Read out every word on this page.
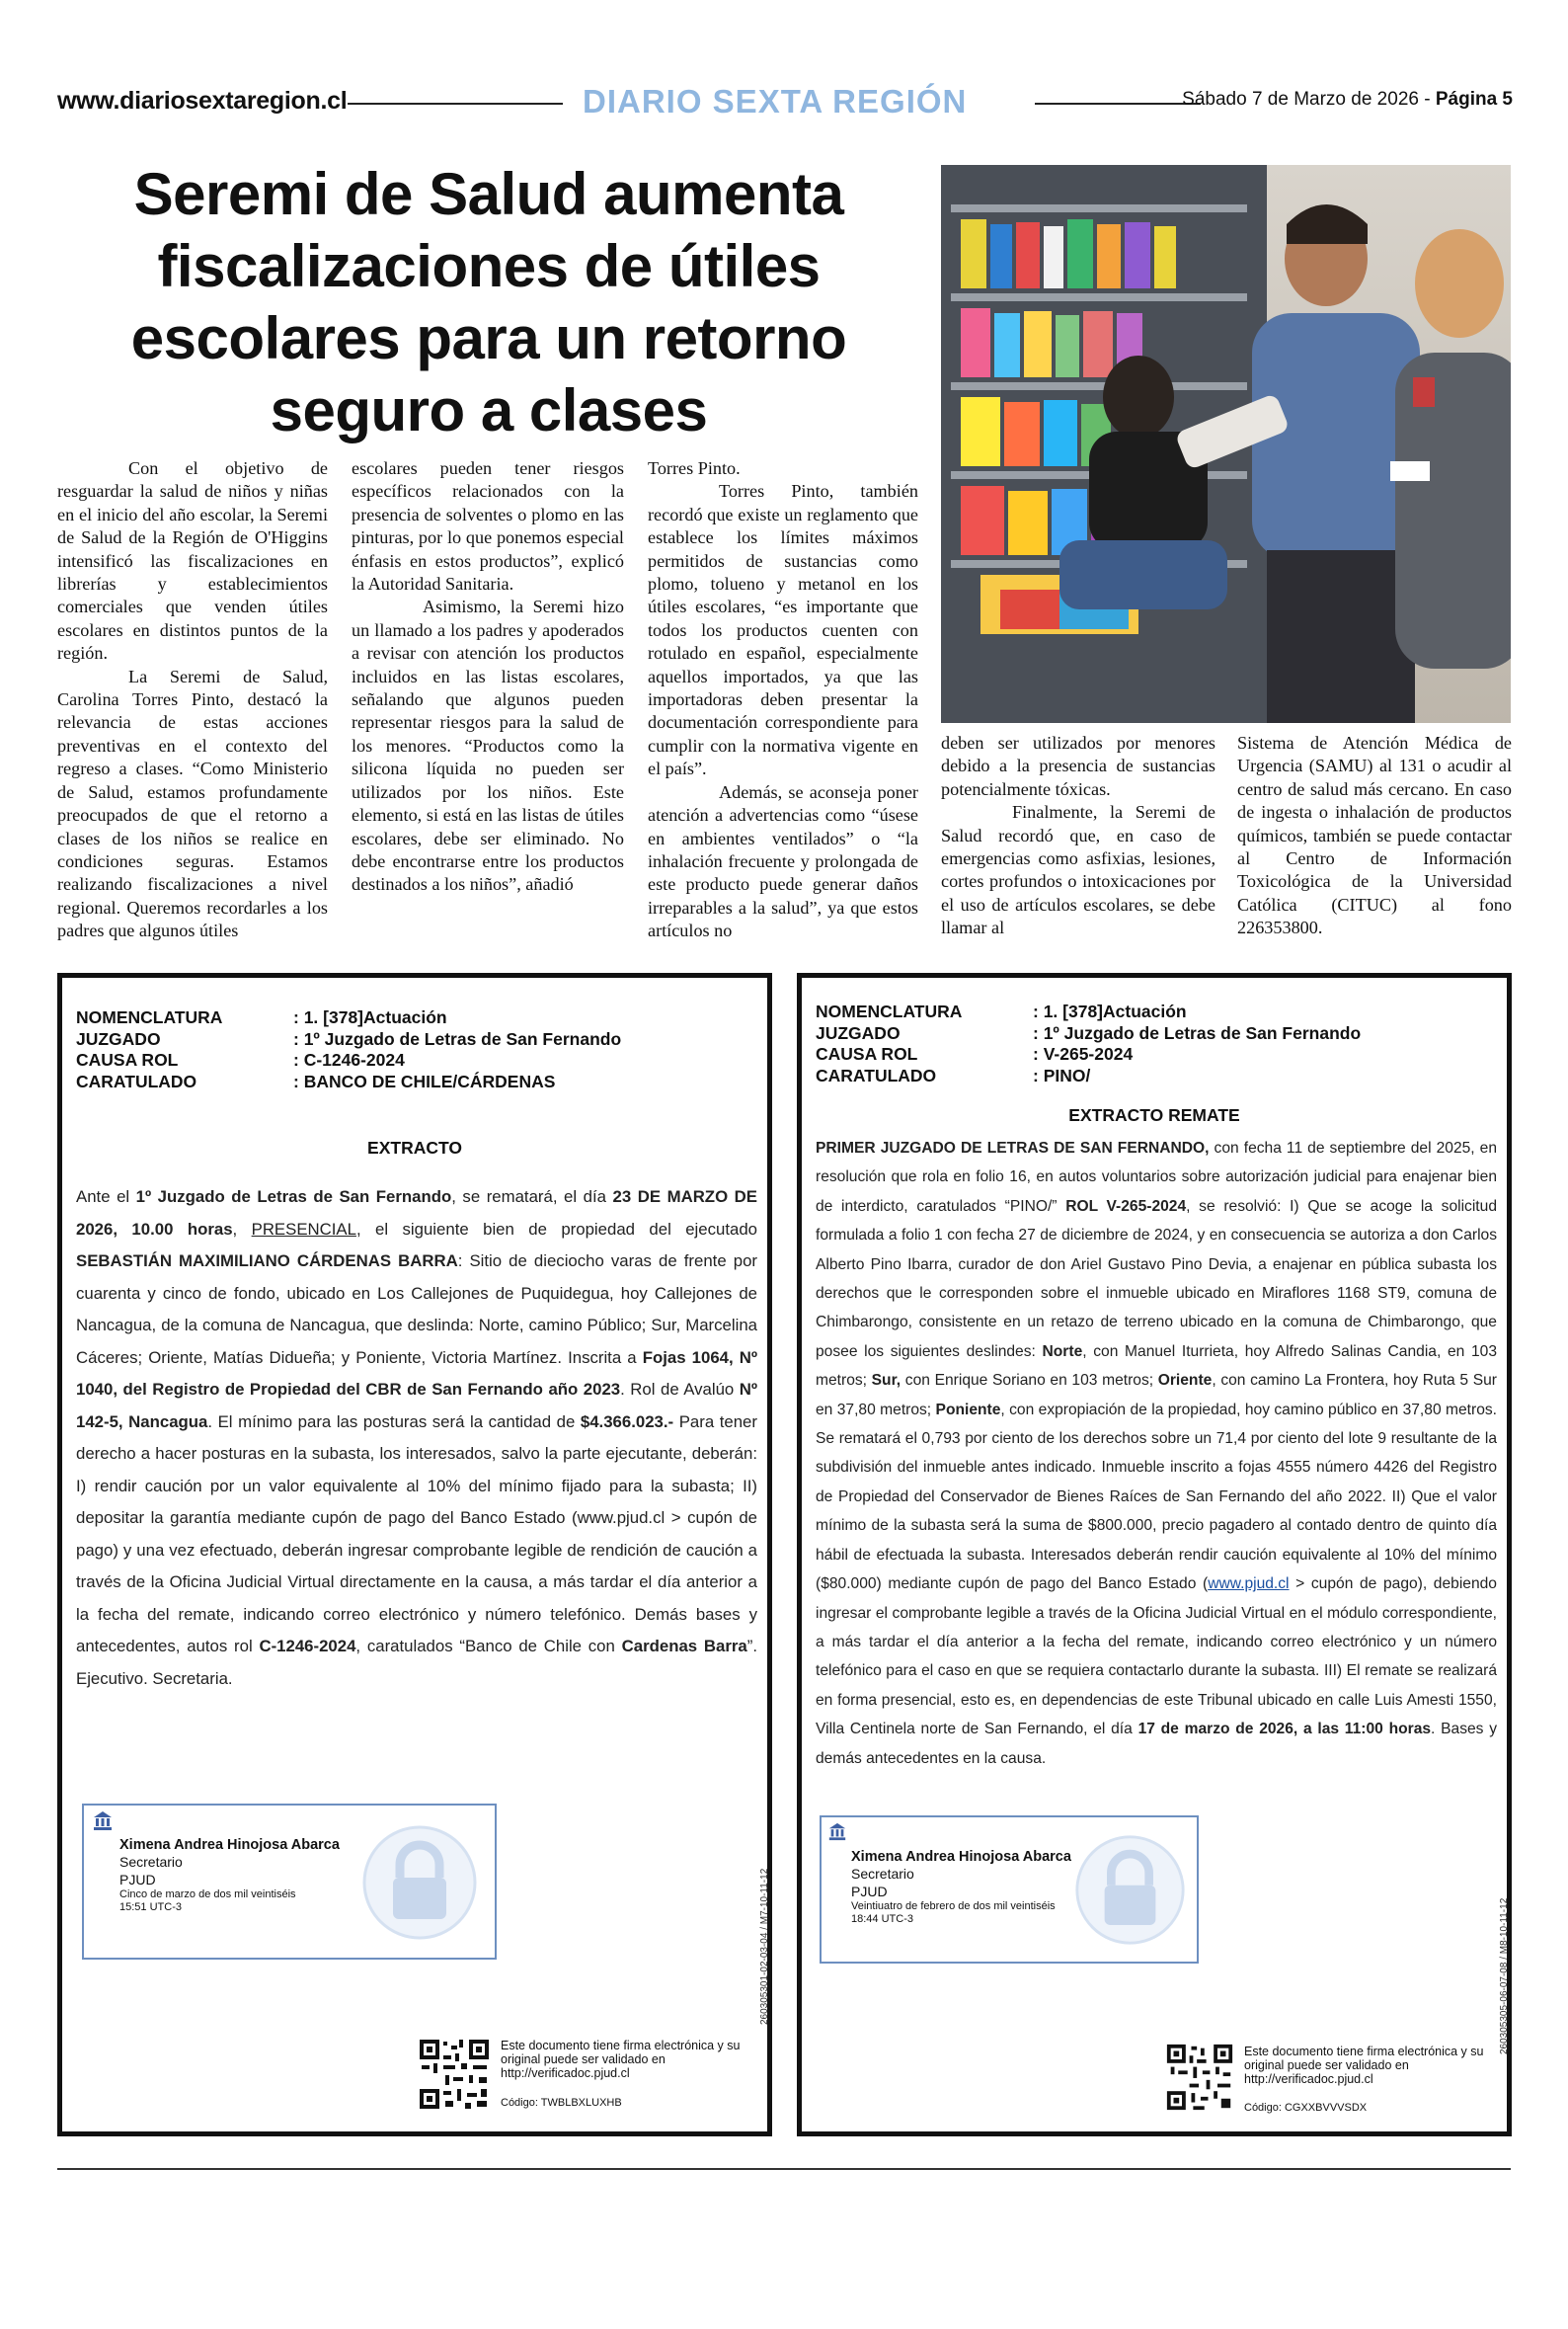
www.diariosextaregion.cl	DIARIO SEXTA REGIÓN	Sábado 7 de Marzo de 2026 - Página 5
Seremi de Salud aumenta fiscalizaciones de útiles escolares para un retorno seguro a clases

Con el objetivo de resguardar la salud de niños y niñas en el inicio del año escolar, la Seremi de Salud de la Región de O'Higgins intensificó las fiscalizaciones en librerías y establecimientos comerciales que venden útiles escolares en distintos puntos de la región.

La Seremi de Salud, Carolina Torres Pinto, destacó la relevancia de estas acciones preventivas en el contexto del regreso a clases. “Como Ministerio de Salud, estamos profundamente preocupados de que el retorno a clases de los niños se realice en condiciones seguras. Estamos realizando fiscalizaciones a nivel regional. Queremos recordarles a los padres que algunos útiles

escolares pueden tener riesgos específicos relacionados con la presencia de solventes o plomo en las pinturas, por lo que ponemos especial énfasis en estos productos”, explicó la Autoridad Sanitaria.

Asimismo, la Seremi hizo un llamado a los padres y apoderados a revisar con atención los productos incluidos en las listas escolares, señalando que algunos pueden representar riesgos para la salud de los menores. “Productos como la silicona líquida no pueden ser utilizados por los niños. Este elemento, si está en las listas de útiles escolares, debe ser eliminado. No debe encontrarse entre los productos destinados a los niños”, añadió

Torres Pinto.

Torres Pinto, también recordó que existe un reglamento que establece los límites máximos permitidos de sustancias como plomo, tolueno y metanol en los útiles escolares, “es importante que todos los productos cuenten con rotulado en español, especialmente aquellos importados, ya que las importadoras deben presentar la documentación correspondiente para cumplir con la normativa vigente en el país”.

Además, se aconseja poner atención a advertencias como “úsese en ambientes ventilados” o “la inhalación frecuente y prolongada de este producto puede generar daños irreparables a la salud”, ya que estos artículos no

deben ser utilizados por menores debido a la presencia de sustancias potencialmente tóxicas.

Finalmente, la Seremi de Salud recordó que, en caso de emergencias como asfixias, lesiones, cortes profundos o intoxicaciones por el uso de artículos escolares, se debe llamar al

Sistema de Atención Médica de Urgencia (SAMU) al 131 o acudir al centro de salud más cercano. En caso de ingesta o inhalación de productos químicos, también se puede contactar al Centro de Información Toxicológica de la Universidad Católica (CITUC) al fono 226353800.

NOMENCLATURA	: 1. [378]Actuación
JUZGADO	: 1º Juzgado de Letras de San Fernando
CAUSA ROL	: C-1246-2024
CARATULADO	: BANCO DE CHILE/CÁRDENAS
EXTRACTO
Ante el 1º Juzgado de Letras de San Fernando, se rematará, el día 23 DE MARZO DE 2026, 10.00 horas, PRESENCIAL, el siguiente bien de propiedad del ejecutado SEBASTIÁN MAXIMILIANO CÁRDENAS BARRA: Sitio de dieciocho varas de frente por cuarenta y cinco de fondo, ubicado en Los Callejones de Puquidegua, hoy Callejones de Nancagua, de la comuna de Nancagua, que deslinda: Norte, camino Público; Sur, Marcelina Cáceres; Oriente, Matías Didueña; y Poniente, Victoria Martínez. Inscrita a Fojas 1064, Nº 1040, del Registro de Propiedad del CBR de San Fernando año 2023. Rol de Avalúo Nº 142-5, Nancagua. El mínimo para las posturas será la cantidad de $4.366.023.- Para tener derecho a hacer posturas en la subasta, los interesados, salvo la parte ejecutante, deberán: I) rendir caución por un valor equivalente al 10% del mínimo fijado para la subasta; II) depositar la garantía mediante cupón de pago del Banco Estado (www.pjud.cl > cupón de pago) y una vez efectuado, deberán ingresar comprobante legible de rendición de caución a través de la Oficina Judicial Virtual directamente en la causa, a más tardar el día anterior a la fecha del remate, indicando correo electrónico y número telefónico. Demás bases y antecedentes, autos rol C-1246-2024, caratulados “Banco de Chile con Cardenas Barra”. Ejecutivo. Secretaria.
Ximena Andrea Hinojosa Abarca
Secretario
PJUD
Cinco de marzo de dos mil veintiséis
15:51 UTC-3	260305301-02-03-04 / M7-10-11-12
Este documento tiene firma electrónica y su original puede ser validado en http://verificadoc.pjud.cl
Código: TWBLBXLUXHB
NOMENCLATURA	: 1. [378]Actuación
JUZGADO	: 1º Juzgado de Letras de San Fernando
CAUSA ROL	: V-265-2024
CARATULADO	: PINO/
EXTRACTO REMATE
PRIMER JUZGADO DE LETRAS DE SAN FERNANDO, con fecha 11 de septiembre del 2025, en resolución que rola en folio 16, en autos voluntarios sobre autorización judicial para enajenar bien de interdicto, caratulados “PINO/” ROL V-265-2024, se resolvió: I) Que se acoge la solicitud formulada a folio 1 con fecha 27 de diciembre de 2024, y en consecuencia se autoriza a don Carlos Alberto Pino Ibarra, curador de don Ariel Gustavo Pino Devia, a enajenar en pública subasta los derechos que le corresponden sobre el inmueble ubicado en Miraflores 1168 ST9, comuna de Chimbarongo, consistente en un retazo de terreno ubicado en la comuna de Chimbarongo, que posee los siguientes deslindes: Norte, con Manuel Iturrieta, hoy Alfredo Salinas Candia, en 103 metros; Sur, con Enrique Soriano en 103 metros; Oriente, con camino La Frontera, hoy Ruta 5 Sur en 37,80 metros; Poniente, con expropiación de la propiedad, hoy camino público en 37,80 metros. Se rematará el 0,793 por ciento de los derechos sobre un 71,4 por ciento del lote 9 resultante de la subdivisión del inmueble antes indicado. Inmueble inscrito a fojas 4555 número 4426 del Registro de Propiedad del Conservador de Bienes Raíces de San Fernando del año 2022. II) Que el valor mínimo de la subasta será la suma de $800.000, precio pagadero al contado dentro de quinto día hábil de efectuada la subasta. Interesados deberán rendir caución equivalente al 10% del mínimo ($80.000) mediante cupón de pago del Banco Estado (www.pjud.cl > cupón de pago), debiendo ingresar el comprobante legible a través de la Oficina Judicial Virtual en el módulo correspondiente, a más tardar el día anterior a la fecha del remate, indicando correo electrónico y un número telefónico para el caso en que se requiera contactarlo durante la subasta. III) El remate se realizará en forma presencial, esto es, en dependencias de este Tribunal ubicado en calle Luis Amesti 1550, Villa Centinela norte de San Fernando, el día 17 de marzo de 2026, a las 11:00 horas. Bases y demás antecedentes en la causa.
Ximena Andrea Hinojosa Abarca
Secretario
PJUD
Veintiuatro de febrero de dos mil veintiséis
18:44 UTC-3	260305305-06-07-08 / M8-10-11-12
Este documento tiene firma electrónica y su original puede ser validado en http://verificadoc.pjud.cl
Código: CGXXBVVVSDX
